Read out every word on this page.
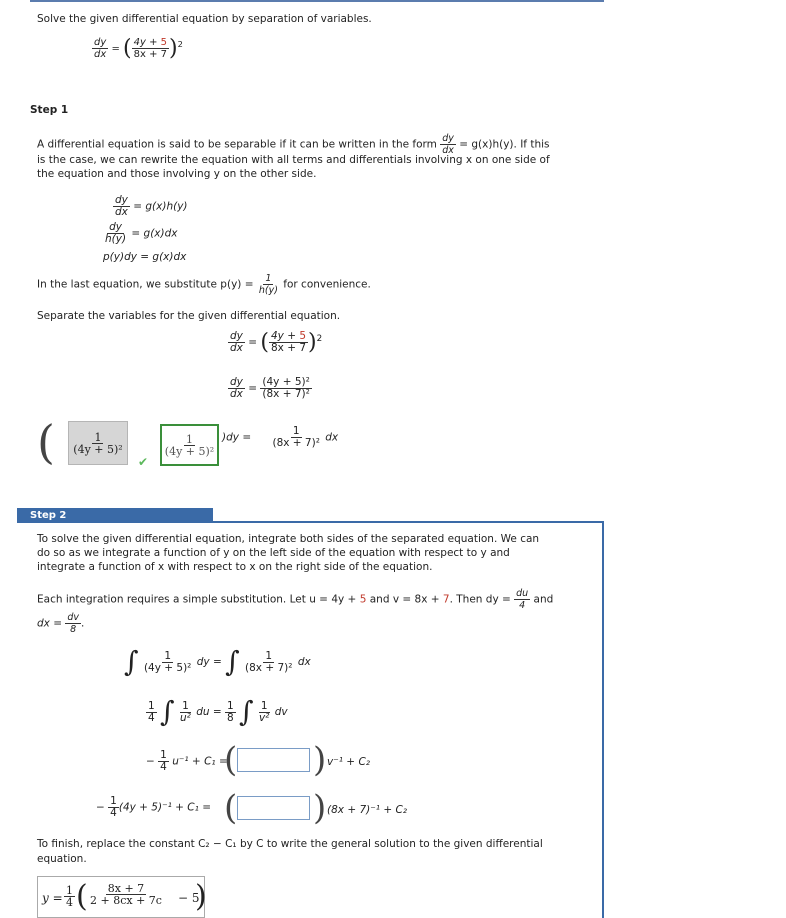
Solve the given differential equation by separation of variables.
$\frac{dy}{dx}$ = ( $\frac{4y + 5}{8x + 7} )^2$
Step 1
A differential equation is said to be separable if it can be written in the form $\frac{dy}{dx} = g(x)h(y)$. If this
is the case, we can rewrite the equation with all terms and differentials involving x on one side of
the equation and those involving y on the other side.
$\frac{dy}{dx} = g(x)h(y)$
$\frac{dy}{h(y)} = g(x)dx$
p(y)dy = g(x)dx
In the last equation, we substitute $p(y) = \frac{1}{h(y)}$ for convenience.
Separate the variables for the given differential equation.
$\frac{dy}{dx}$ = ( $\frac{4y + 5}{8x + 7} )^2$
$\frac{dy}{dx} = \frac{\text{(4y + 5)²}}{\text{(8x + 7)²}}$
(	1
(4y + 5)²
✔
1
(4y + 5)²
)$dy = \frac{1}{\text{(8x + 7)²}}$ dx
Step 2
To solve the given differential equation, integrate both sides of the separated equation. We can
do so as we integrate a function of y on the left side of the equation with respect to y and
integrate a function of x with respect to x on the right side of the equation.
Each integration requires a simple substitution. Let u = 4y + 5 and v = 8x + 7. Then dy = $\frac{du}{4}$ and
dx = $\frac{dv}{8}$ .
∫ $\frac{1}{\text{(4y + 5)²}}$ dy = ∫ $\frac{1}{\text{(8x + 7)²}}$ dx
$\frac{1}{4}$ ∫ $\frac{1}{\text{u²}}$ du = $\frac{1}{8}$ ∫ $\frac{1}{\text{v²}}$ dv
− $\frac{1}{4} u^{-1} + C_1$ =
( ) v⁻¹ + C₂
− $\frac{1}{4} (4y + 5)^{-1} + C_1$ = ( ) (8x + 7)⁻¹ + C₂
To finish, replace the constant C₂ − C₁ by C to write the general solution to the given differential
equation.
$y = \frac{1}{4}$ ( $\frac{8x + 7}{2 + 8cx + 7c} - 5$
)
